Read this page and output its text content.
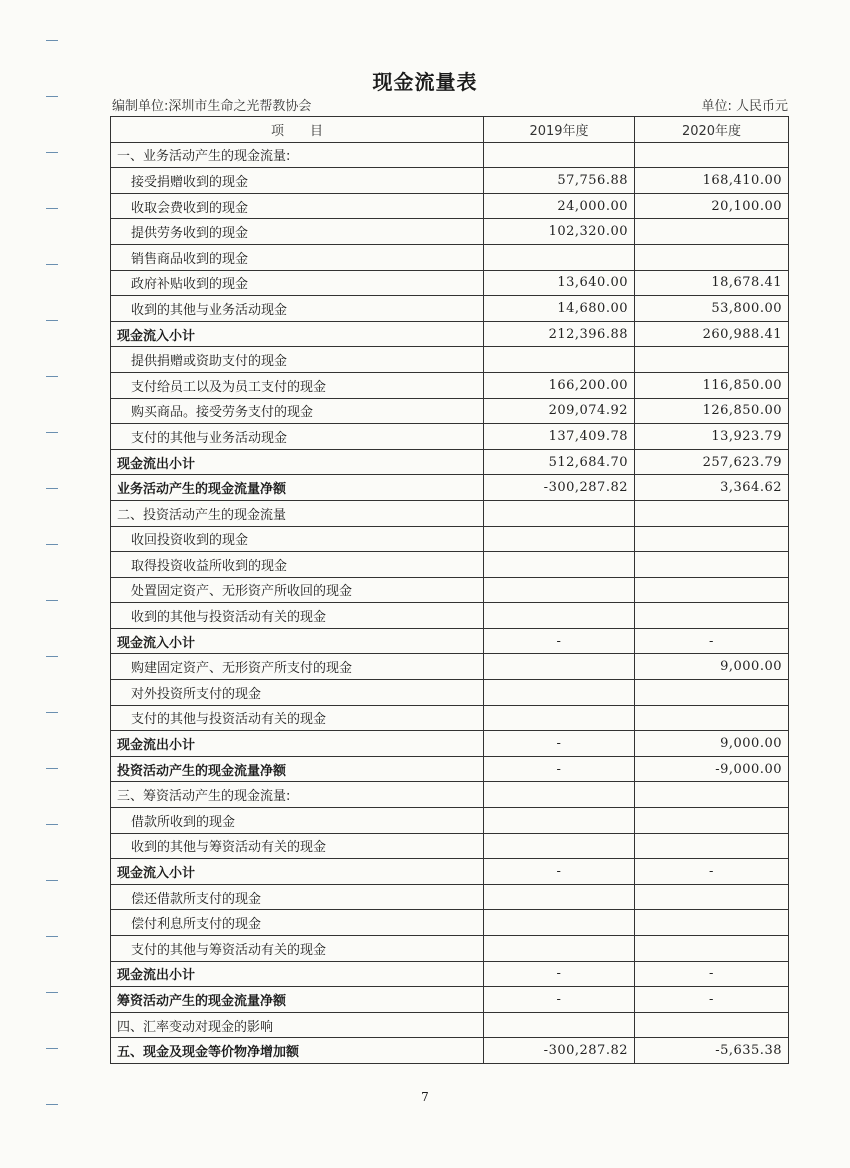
现金流量表
编制单位:深圳市生命之光帮教协会	单位: 人民币元
项　　目	2019年度	2020年度
一、业务活动产生的现金流量:		
接受捐赠收到的现金	57,756.88	168,410.00
收取会费收到的现金	24,000.00	20,100.00
提供劳务收到的现金	102,320.00	
销售商品收到的现金		
政府补贴收到的现金	13,640.00	18,678.41
收到的其他与业务活动现金	14,680.00	53,800.00
现金流入小计	212,396.88	260,988.41
提供捐赠或资助支付的现金		
支付给员工以及为员工支付的现金	166,200.00	116,850.00
购买商品。接受劳务支付的现金	209,074.92	126,850.00
支付的其他与业务活动现金	137,409.78	13,923.79
现金流出小计	512,684.70	257,623.79
业务活动产生的现金流量净额	-300,287.82	3,364.62
二、投资活动产生的现金流量		
收回投资收到的现金		
取得投资收益所收到的现金		
处置固定资产、无形资产所收回的现金		
收到的其他与投资活动有关的现金		
现金流入小计	-	-
购建固定资产、无形资产所支付的现金		9,000.00
对外投资所支付的现金		
支付的其他与投资活动有关的现金		
现金流出小计	-	9,000.00
投资活动产生的现金流量净额	-	-9,000.00
三、筹资活动产生的现金流量:		
借款所收到的现金		
收到的其他与筹资活动有关的现金		
现金流入小计	-	-
偿还借款所支付的现金		
偿付利息所支付的现金		
支付的其他与筹资活动有关的现金		
现金流出小计	-	-
筹资活动产生的现金流量净额	-	-
四、汇率变动对现金的影响		
五、现金及现金等价物净增加额	-300,287.82	-5,635.38
7
